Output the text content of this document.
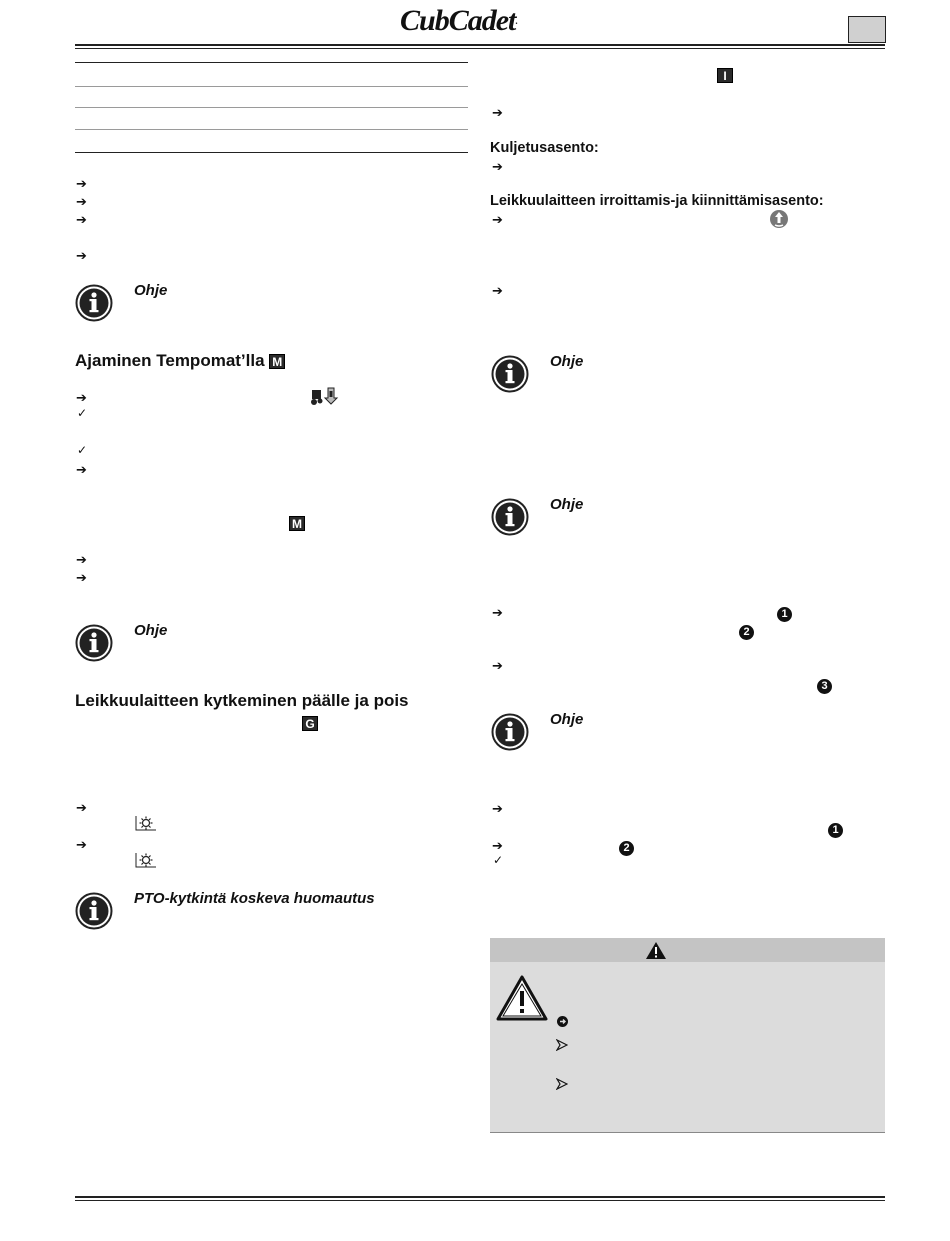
CubCadet.
➔
➔
➔
➔
Ohje
Ajaminen Tempomat’lla M
➔
✓
✓
➔
M
➔
➔
Ohje
Leikkuulaitteen kytkeminen päälle ja pois
G
➔
➔
PTO-kytkintä koskeva huomautus
I
➔
Kuljetusasento:
➔
Leikkuulaitteen irroittamis-ja kiinnittämisasento:
➔
➔
Ohje
Ohje
➔	1
2
➔
3
Ohje
➔
1
➔	2
✓
